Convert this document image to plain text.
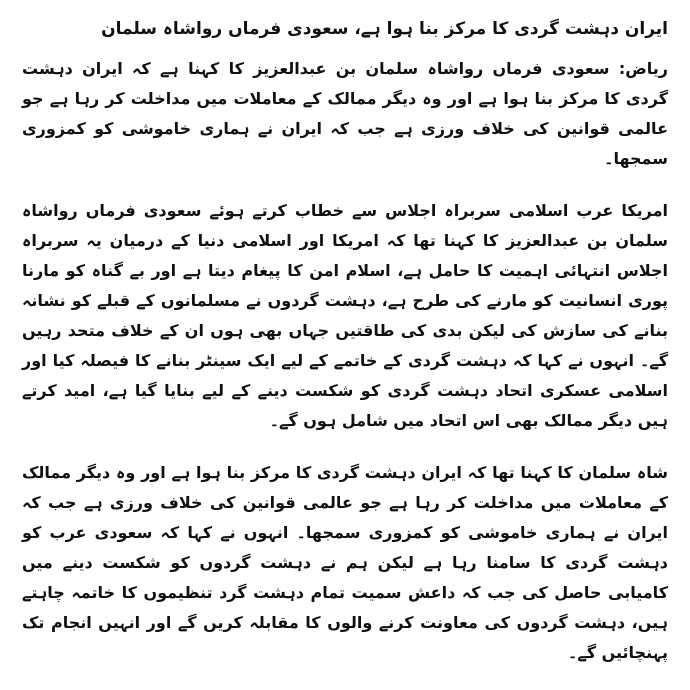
ایران دہشت گردی کا مرکز بنا ہوا ہے، سعودی فرماں رواشاہ سلمان

ریاض: سعودی فرماں رواشاہ سلمان بن عبدالعزیز کا کہنا ہے کہ ایران دہشت گردی کا مرکز بنا ہوا ہے اور وہ دیگر ممالک کے معاملات میں مداخلت کر رہا ہے جو عالمی قوانین کی خلاف ورزی ہے جب کہ ایران نے ہماری خاموشی کو کمزوری سمجھا۔

امریکا عرب اسلامی سربراہ اجلاس سے خطاب کرتے ہوئے سعودی فرماں رواشاہ سلمان بن عبدالعزیز کا کہنا تھا کہ امریکا اور اسلامی دنیا کے درمیان یہ سربراہ اجلاس انتہائی اہمیت کا حامل ہے، اسلام امن کا پیغام دیتا ہے اور بے گناہ کو مارنا پوری انسانیت کو مارنے کی طرح ہے، دہشت گردوں نے مسلمانوں کے قبلے کو نشانہ بنانے کی سازش کی لیکن بدی کی طاقتیں جہاں بھی ہوں ان کے خلاف متحد رہیں گے۔ انہوں نے کہا کہ دہشت گردی کے خاتمے کے لیے ایک سینٹر بنانے کا فیصلہ کیا اور اسلامی عسکری اتحاد دہشت گردی کو شکست دینے کے لیے بنایا گیا ہے، امید کرتے ہیں دیگر ممالک بھی اس اتحاد میں شامل ہوں گے۔

شاہ سلمان کا کہنا تھا کہ ایران دہشت گردی کا مرکز بنا ہوا ہے اور وہ دیگر ممالک کے معاملات میں مداخلت کر رہا ہے جو عالمی قوانین کی خلاف ورزی ہے جب کہ ایران نے ہماری خاموشی کو کمزوری سمجھا۔ انہوں نے کہا کہ سعودی عرب کو دہشت گردی کا سامنا رہا ہے لیکن ہم نے دہشت گردوں کو شکست دینے میں کامیابی حاصل کی جب کہ داعش سمیت تمام دہشت گرد تنظیموں کا خاتمہ چاہتے ہیں، دہشت گردوں کی معاونت کرنے والوں کا مقابلہ کریں گے اور انہیں انجام تک پہنچائیں گے۔
